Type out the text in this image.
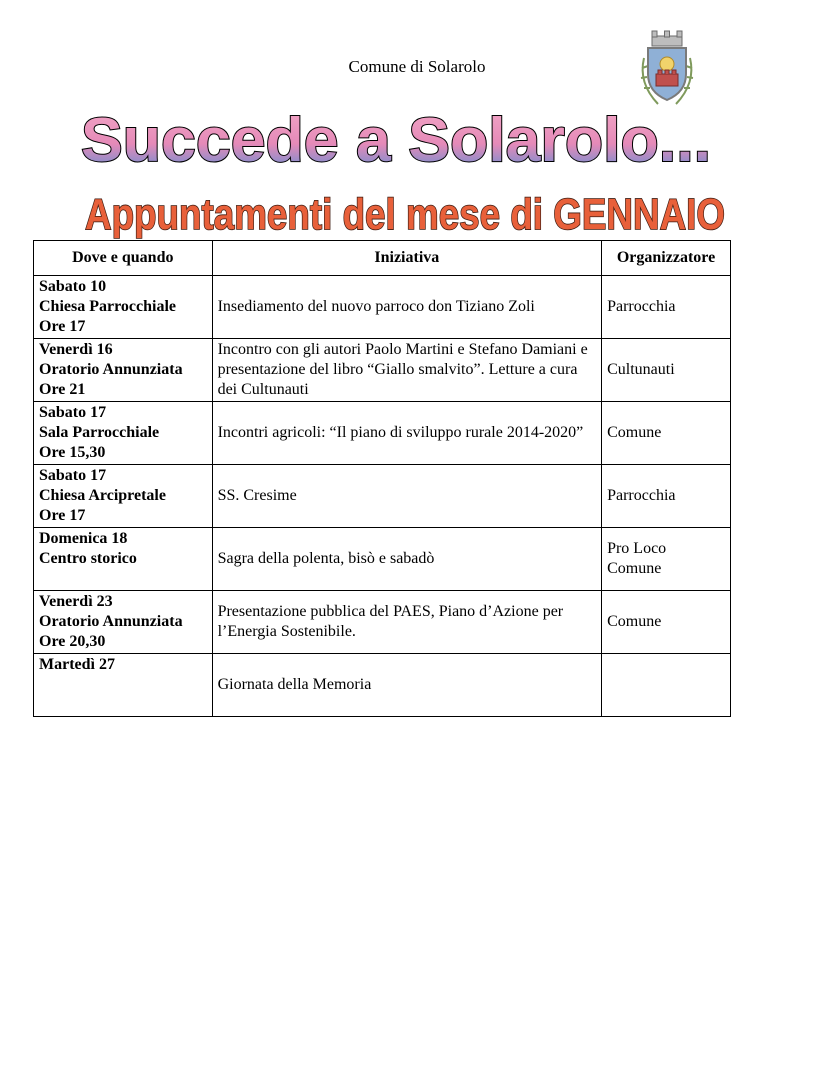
Comune di Solarolo
Succede a Solarolo...
Appuntamenti del mese di GENNAIO
Dove e quando	Iniziativa	Organizzatore

Sabato 10
Chiesa Parrocchiale
Ore 17	Insediamento del nuovo parroco don Tiziano Zoli	Parrocchia

Venerdì 16
Oratorio Annunziata
Ore 21	Incontro con gli autori Paolo Martini e Stefano Damiani e presentazione del libro “Giallo smalvito”. Letture a cura dei Cultunauti	Cultunauti

Sabato 17
Sala Parrocchiale
Ore 15,30	Incontri agricoli: “Il piano di sviluppo rurale 2014-2020”	Comune

Sabato 17
Chiesa Arcipretale
Ore 17	SS. Cresime	Parrocchia

Domenica 18
Centro storico	Sagra della polenta, bisò e sabadò	Pro Loco
Comune

Venerdì 23
Oratorio Annunziata
Ore 20,30	Presentazione pubblica del PAES, Piano d’Azione per l’Energia Sostenibile.	Comune

Martedì 27	Giornata della Memoria	
